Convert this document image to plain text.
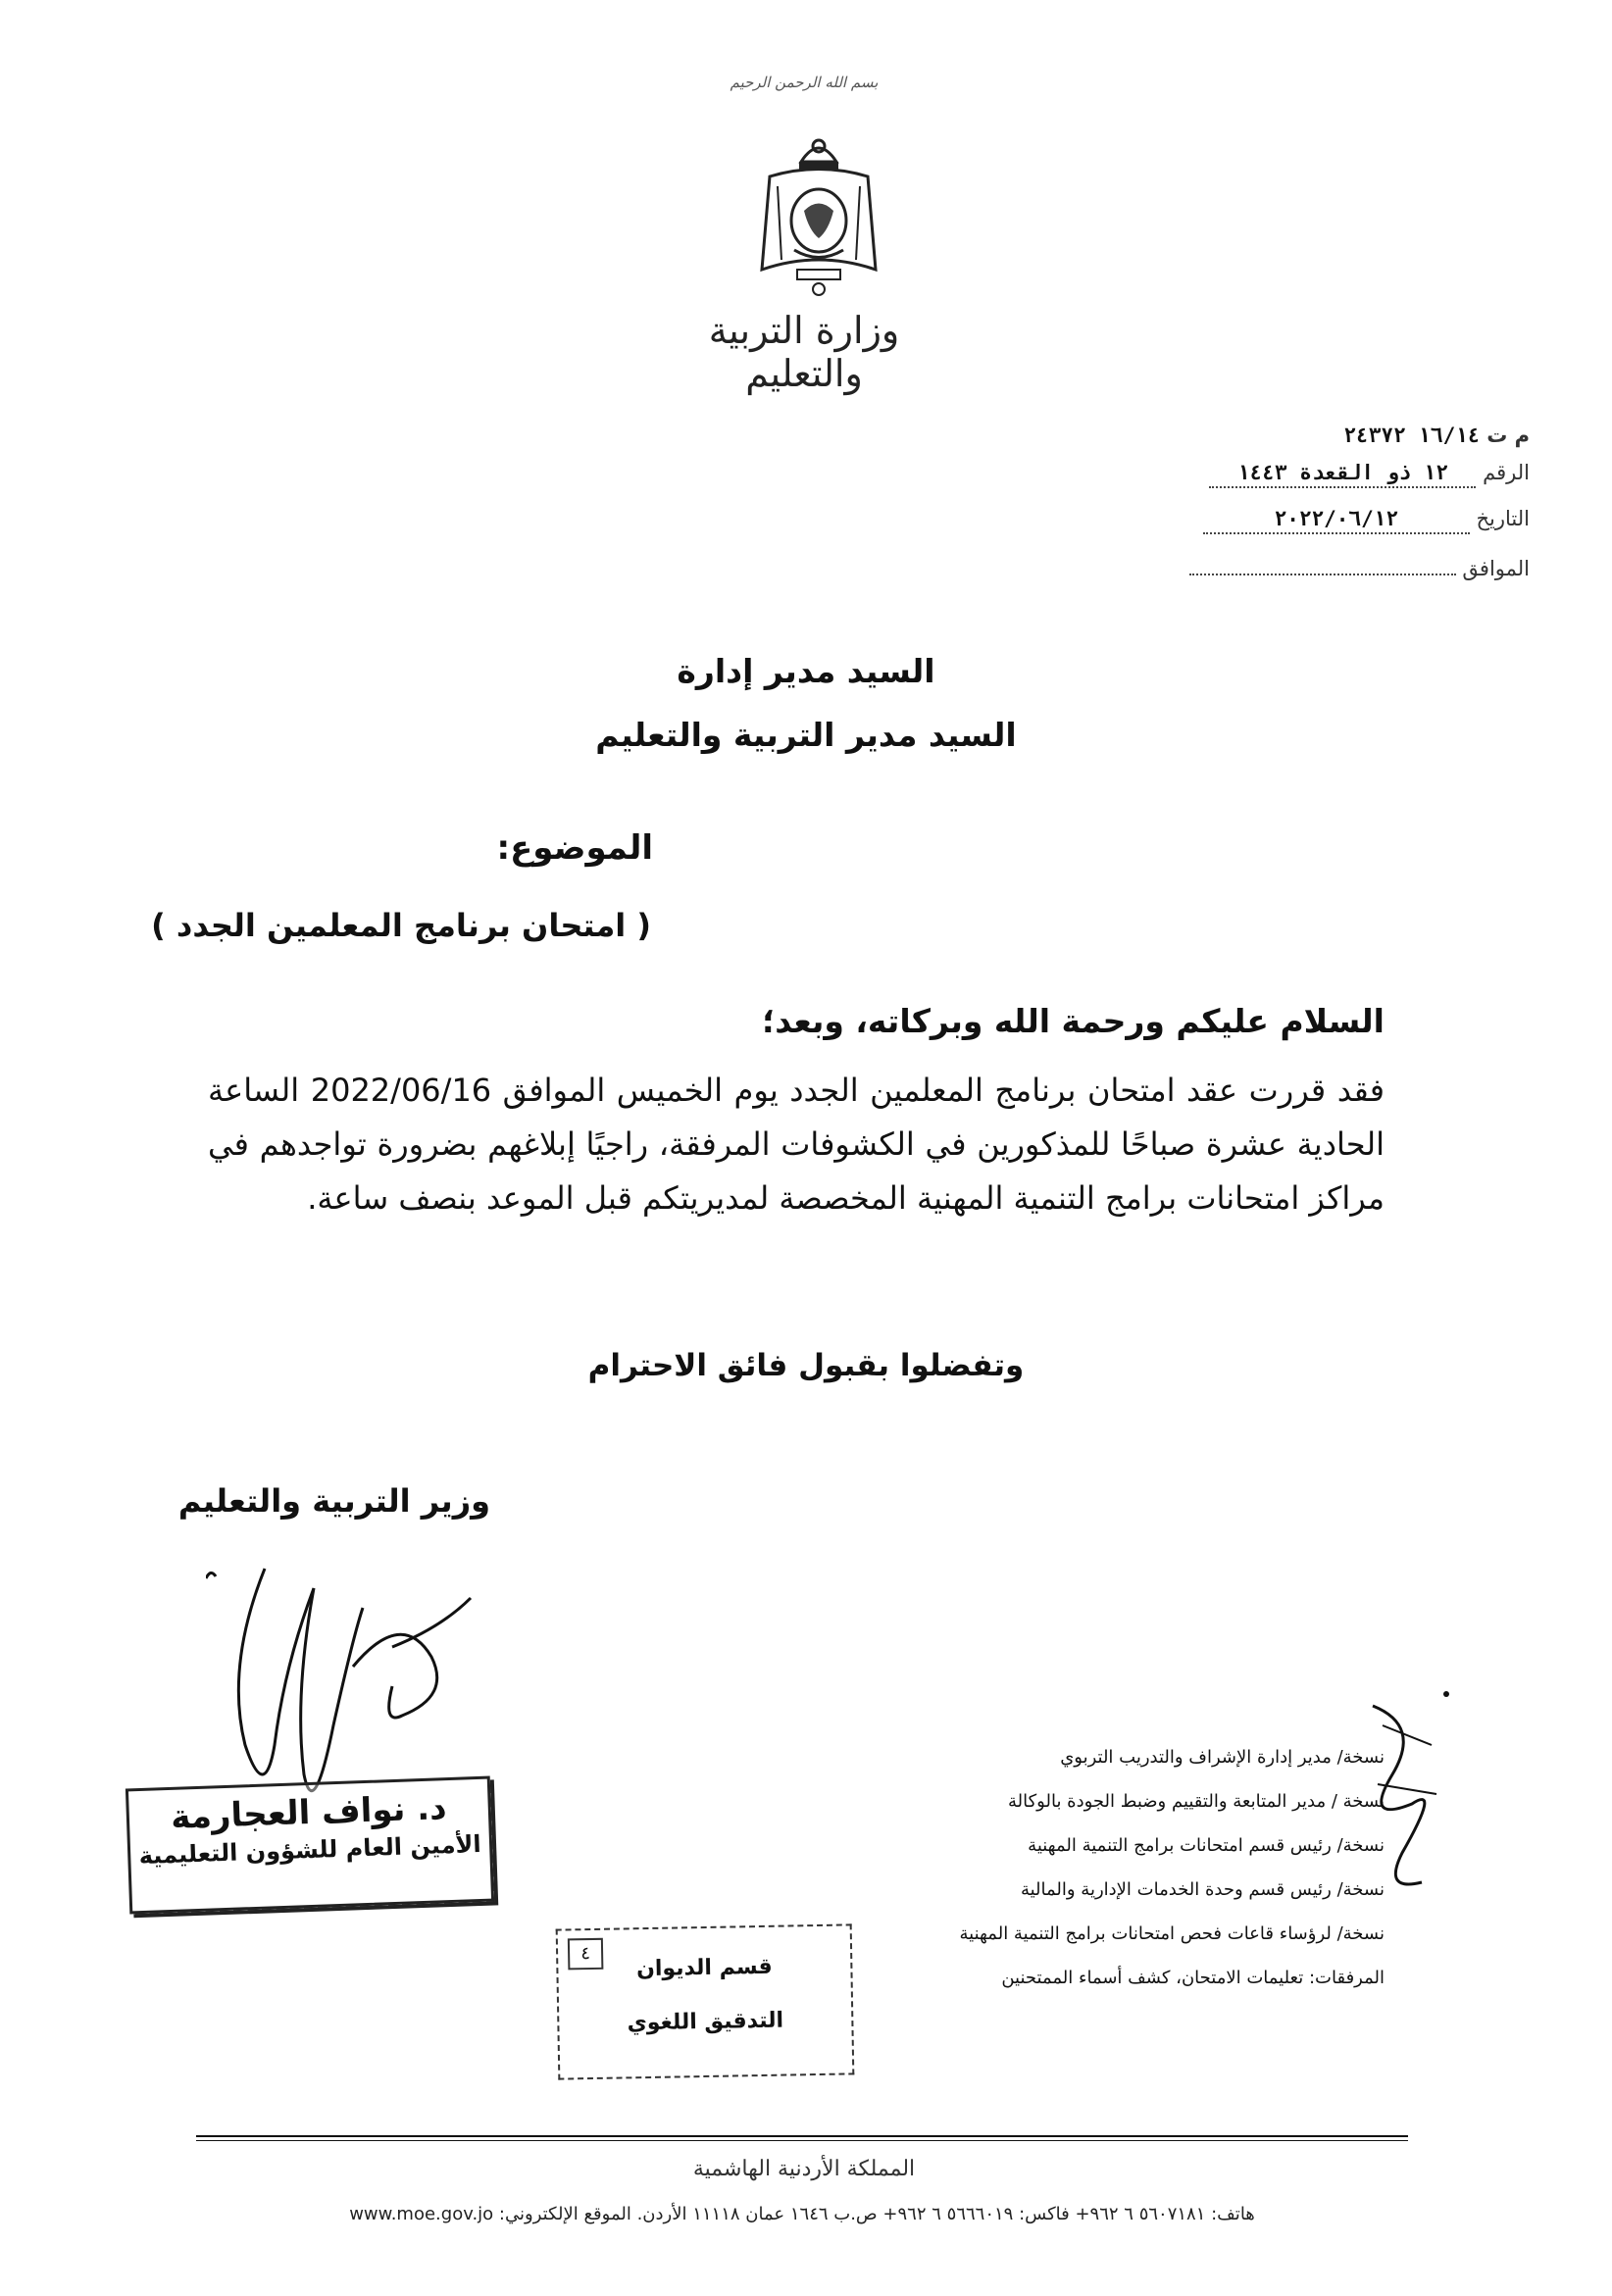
بسم الله الرحمن الرحيم
وزارة التربية والتعليم
م ت ١٦/١٤ ٢٤٣٧٢
الرقم ١٢ ذو القعدة ١٤٤٣
التاريخ ٢٠٢٢/٠٦/١٢
الموافق
السيد مدير إدارة
السيد مدير التربية والتعليم
الموضوع:
( امتحان برنامج المعلمين الجدد )
السلام عليكم ورحمة الله وبركاته، وبعد؛
فقد قررت عقد امتحان برنامج المعلمين الجدد يوم الخميس الموافق 2022/06/16 الساعة الحادية عشرة صباحًا للمذكورين في الكشوفات المرفقة، راجيًا إبلاغهم بضرورة تواجدهم في مراكز امتحانات برامج التنمية المهنية المخصصة لمديريتكم قبل الموعد بنصف ساعة.
وتفضلوا بقبول فائق الاحترام
وزير التربية والتعليم
د. نواف العجارمة
الأمين العام للشؤون التعليمية
نسخة/ مدير إدارة الإشراف والتدريب التربوي
نسخة / مدير المتابعة والتقييم وضبط الجودة بالوكالة
نسخة/ رئيس قسم امتحانات برامج التنمية المهنية
نسخة/ رئيس قسم وحدة الخدمات الإدارية والمالية
نسخة/ لرؤساء قاعات فحص امتحانات برامج التنمية المهنية
المرفقات: تعليمات الامتحان، كشف أسماء الممتحنين
٤
قسم الديوان
التدقيق اللغوي
المملكة الأردنية الهاشمية
هاتف: ٥٦٠٧١٨١ ٦ ٩٦٢+ فاكس: ٥٦٦٦٠١٩ ٦ ٩٦٢+ ص.ب ١٦٤٦ عمان ١١١١٨ الأردن. الموقع الإلكتروني: www.moe.gov.jo
